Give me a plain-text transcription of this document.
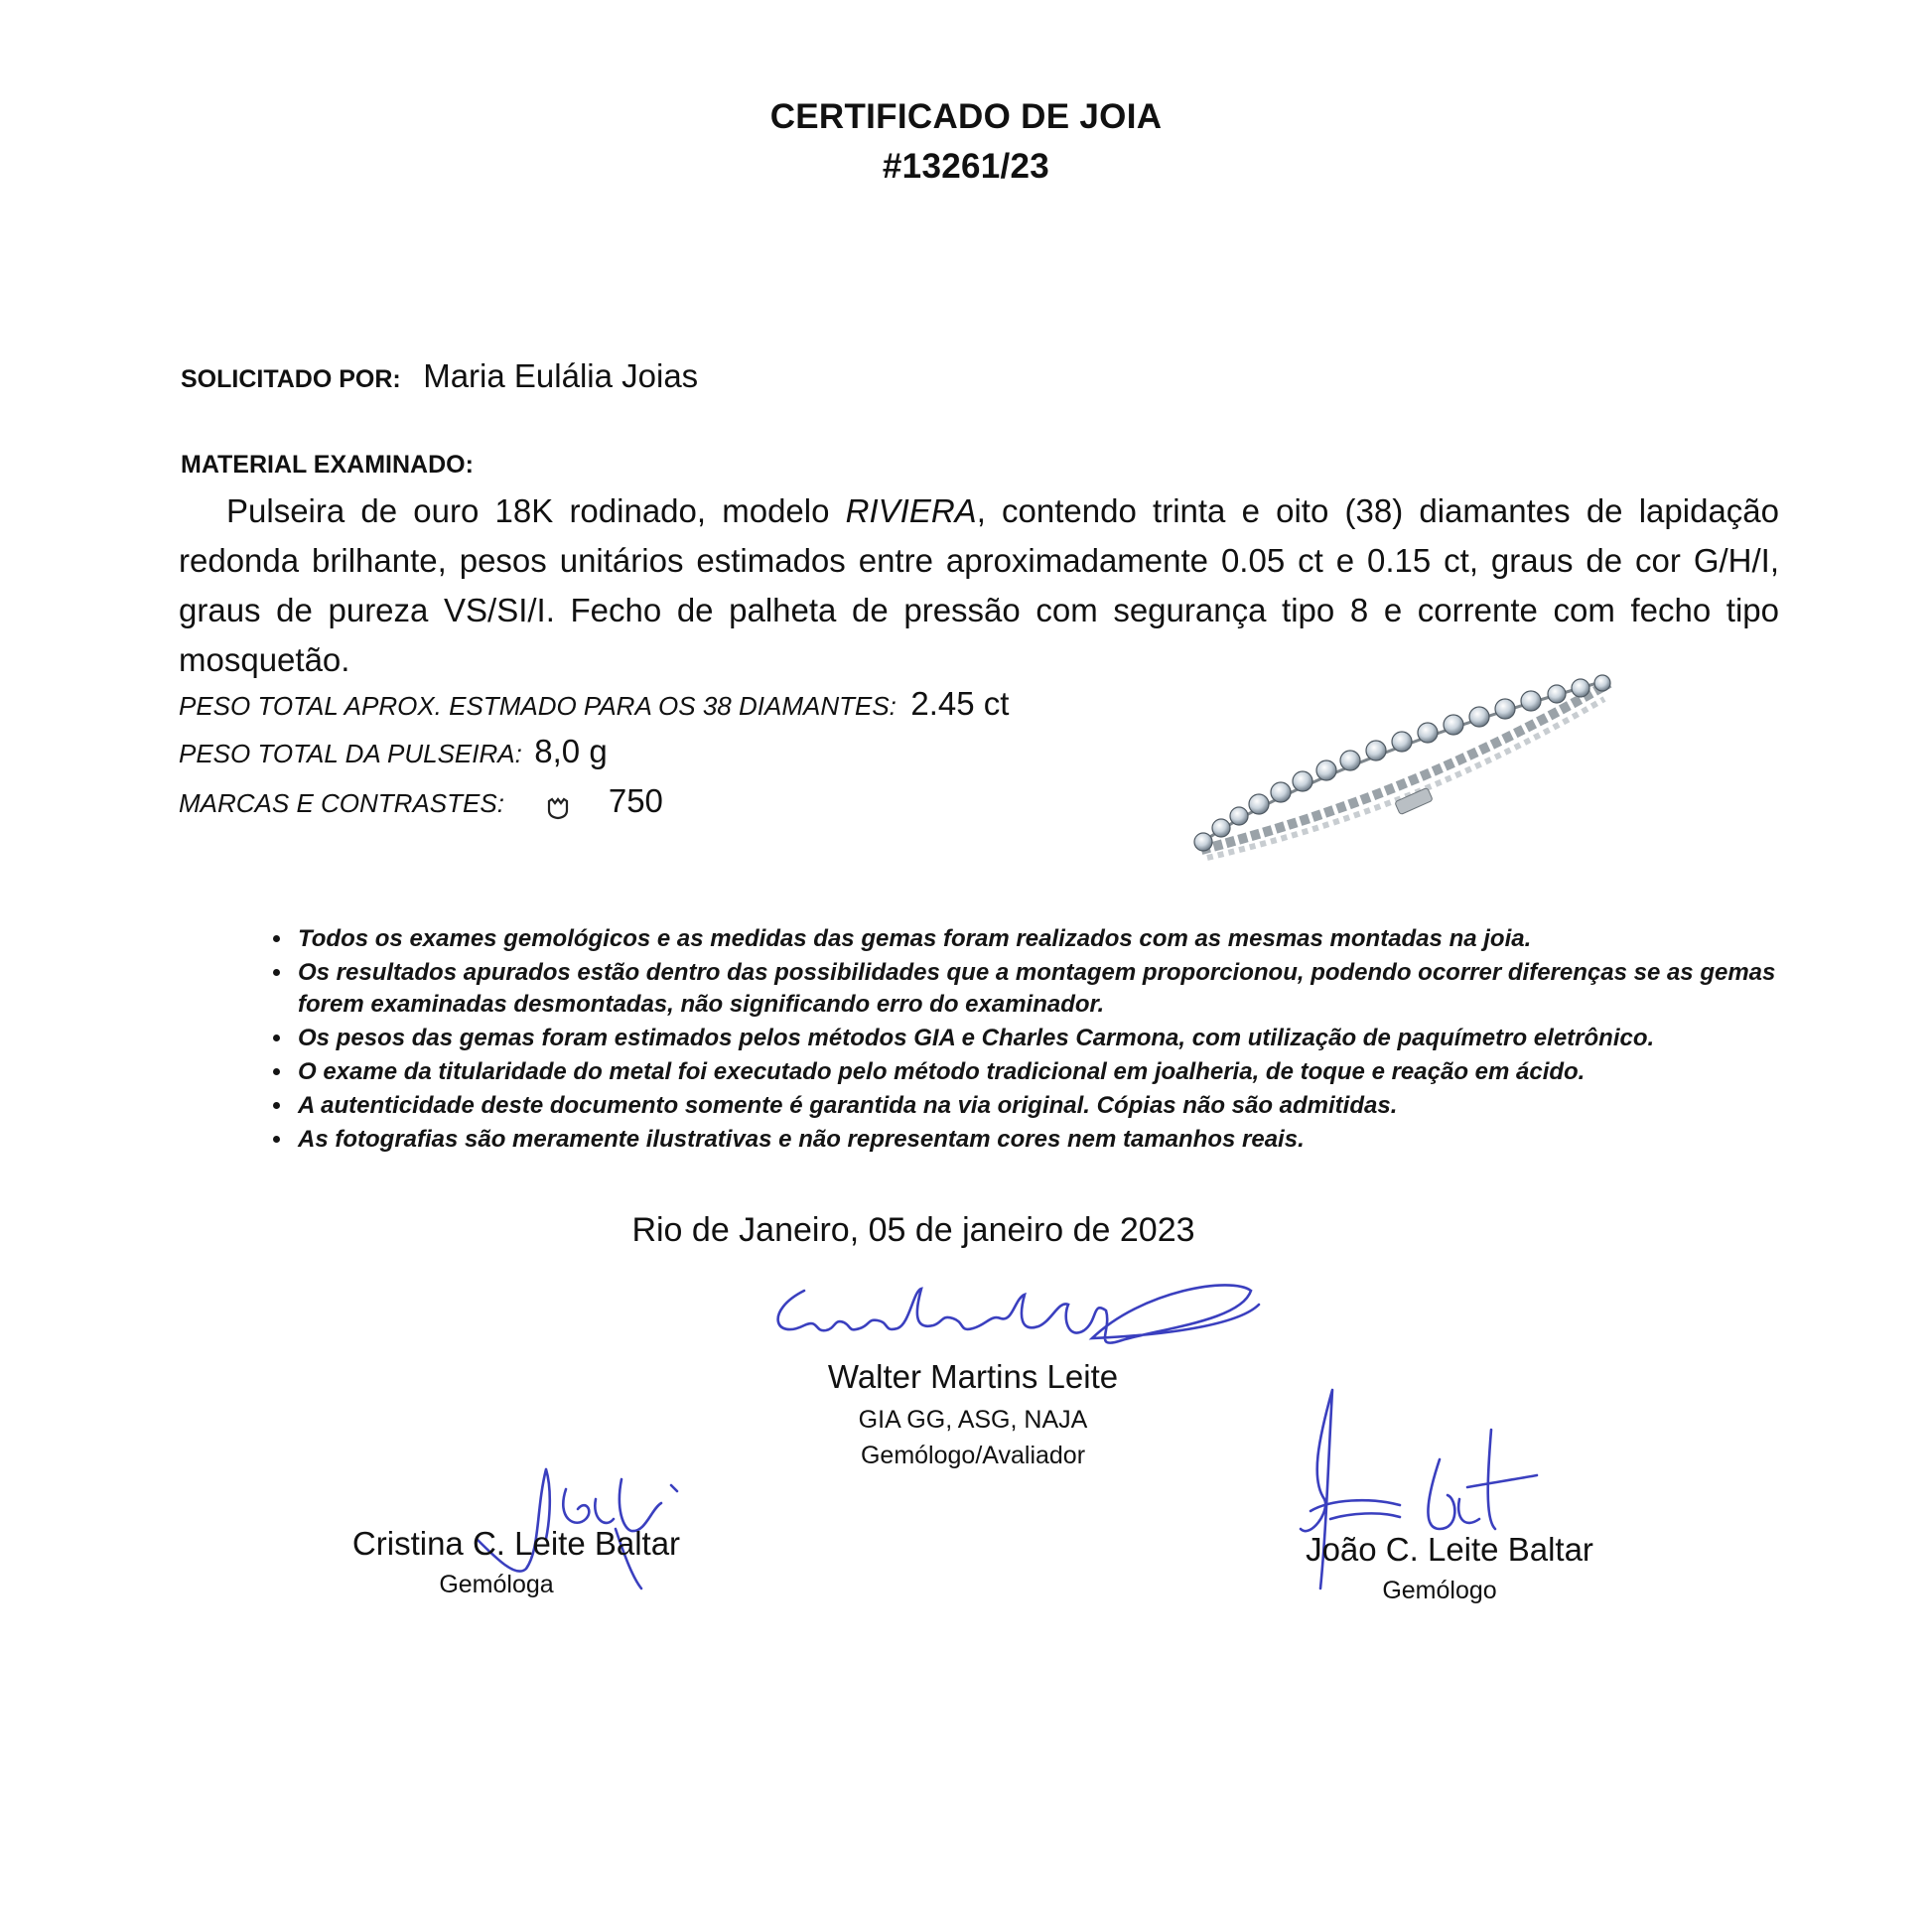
CERTIFICADO DE JOIA
#13261/23
SOLICITADO POR: Maria Eulália Joias
MATERIAL EXAMINADO:
Pulseira de ouro 18K rodinado, modelo RIVIERA, contendo trinta e oito (38) diamantes de lapidação redonda brilhante, pesos unitários estimados entre aproximadamente 0.05 ct e 0.15 ct, graus de cor G/H/I, graus de pureza VS/SI/I. Fecho de palheta de pressão com segurança tipo 8 e corrente com fecho tipo mosquetão.
PESO TOTAL APROX. ESTMADO PARA OS 38 DIAMANTES: 2.45 ct
PESO TOTAL DA PULSEIRA: 8,0 g
MARCAS E CONTRASTES:	750
• Todos os exames gemológicos e as medidas das gemas foram realizados com as mesmas montadas na joia.
• Os resultados apurados estão dentro das possibilidades que a montagem proporcionou, podendo ocorrer diferenças se as gemas forem examinadas desmontadas, não significando erro do examinador.
• Os pesos das gemas foram estimados pelos métodos GIA e Charles Carmona, com utilização de paquímetro eletrônico.
• O exame da titularidade do metal foi executado pelo método tradicional em joalheria, de toque e reação em ácido.
• A autenticidade deste documento somente é garantida na via original. Cópias não são admitidas.
• As fotografias são meramente ilustrativas e não representam cores nem tamanhos reais.
Rio de Janeiro, 05 de janeiro de 2023
Walter Martins Leite
GIA GG, ASG, NAJA
Gemólogo/Avaliador
Cristina C. Leite Baltar
Gemóloga
João C. Leite Baltar
Gemólogo
